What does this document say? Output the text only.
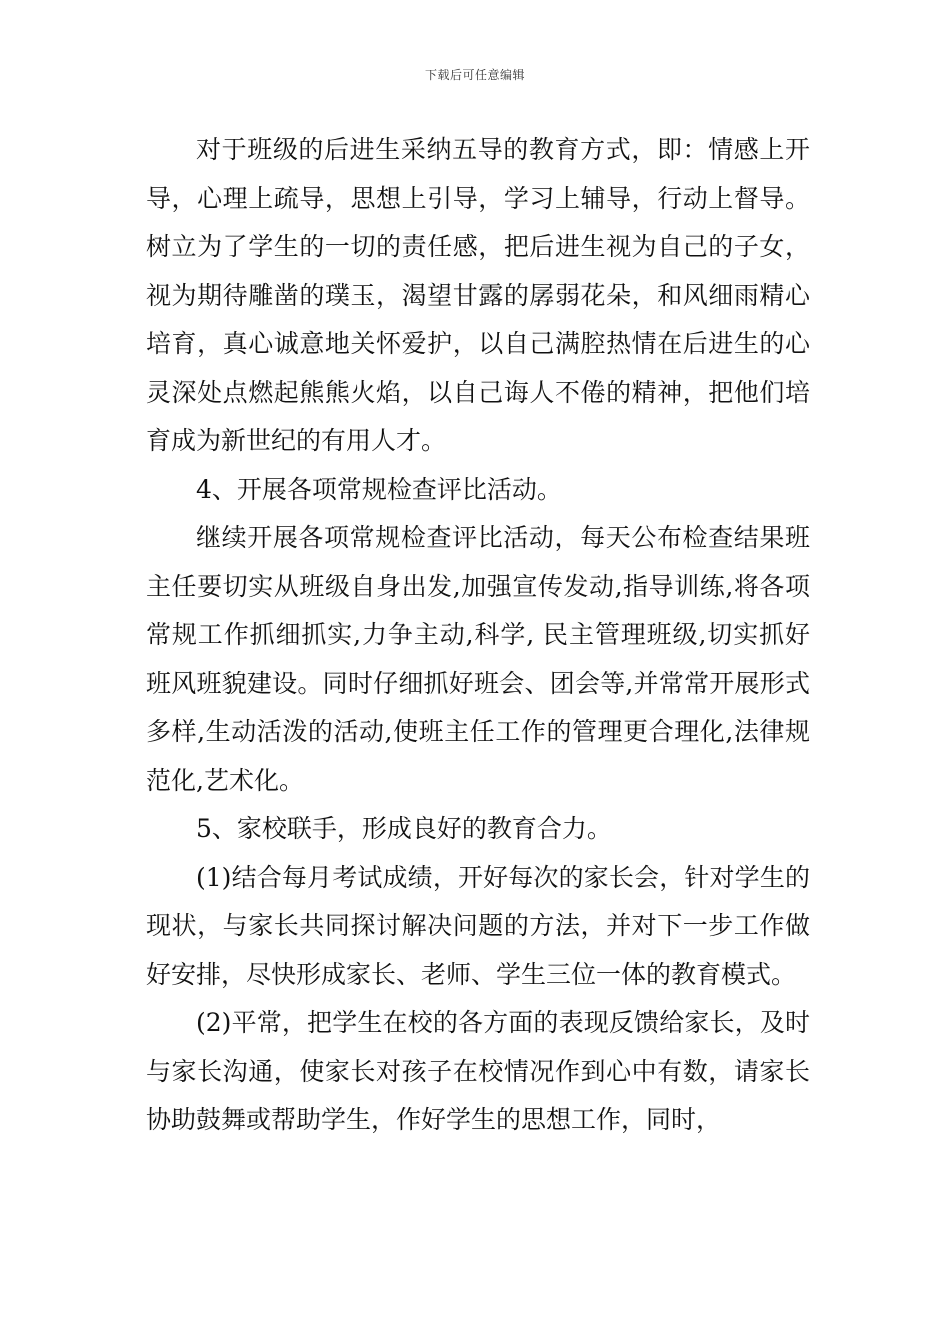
下载后可任意编辑

对于班级的后进生采纳五导的教育方式，即：情感上开导，心理上疏导，思想上引导，学习上辅导，行动上督导。树立为了学生的一切的责任感，把后进生视为自己的子女，视为期待雕凿的璞玉，渴望甘露的孱弱花朵，和风细雨精心培育，真心诚意地关怀爱护，以自己满腔热情在后进生的心灵深处点燃起熊熊火焰，以自己诲人不倦的精神，把他们培育成为新世纪的有用人才。

4、开展各项常规检查评比活动。

继续开展各项常规检查评比活动，每天公布检查结果班主任要切实从班级自身出发,加强宣传发动,指导训练,将各项常规工作抓细抓实,力争主动,科学, 民主管理班级,切实抓好班风班貌建设。同时仔细抓好班会、团会等,并常常开展形式多样,生动活泼的活动,使班主任工作的管理更合理化,法律规范化,艺术化。

5、家校联手，形成良好的教育合力。

(1)结合每月考试成绩，开好每次的家长会，针对学生的现状，与家长共同探讨解决问题的方法，并对下一步工作做好安排，尽快形成家长、老师、学生三位一体的教育模式。

(2)平常，把学生在校的各方面的表现反馈给家长，及时与家长沟通，使家长对孩子在校情况作到心中有数，请家长协助鼓舞或帮助学生，作好学生的思想工作，同时，
